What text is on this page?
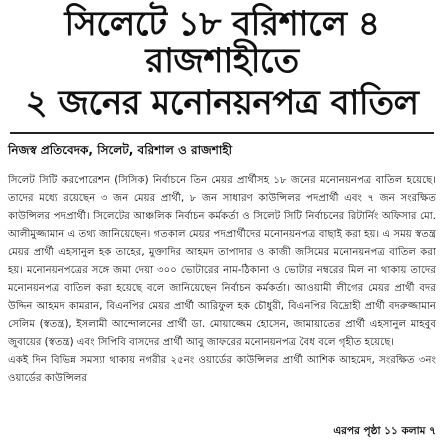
সিলেটে ১৮ বরিশালে ৪ রাজশাহীতে
২ জনের মনোনয়নপত্র বাতিল
নিজস্ব প্রতিবেদক, সিলেট, বরিশাল ও রাজশাহী

সিলেট সিটি করপোরেশন (সিসিক) নির্বাচনে তিন মেয়র প্রার্থীসহ ১৮ জনের মনোনয়নপত্র বাতিল হয়েছে। তাদের মধ্যে রয়েছেন ৩ জন মেয়র প্রার্থী, ৮ জন সাধারণ কাউন্সিলর পদপ্রার্থী এবং ৭ জন সংরক্ষিত কাউন্সিলর পদপ্রার্থী। সিলেটের আঞ্চলিক নির্বাচন কর্মকর্তা ও সিলেট সিটি নির্বাচনের রিটার্নিং অফিসার মো. আলীমুজ্জামান এ তথ্য জানিয়েছেন। গতকাল মেয়র পদপ্রার্থীদের মনোনয়নপত্র বাছাই করা হয়। এ সময় স্বতন্ত্র মেয়র প্রার্থী এহসানুল হক তাহের, মুক্তাদির আহমদ তাপাদার ও কাজী জসিমের মনোনয়নপত্র বাতিল করা হয়। মনোনয়নপত্রের সঙ্গে জমা দেয়া ৩০০ ভোটারের নাম-ঠিকানা ও ভোটার নম্বরের মিল না থাকায় তাদের মনোনয়নপত্র বাতিল করা হয়েছে বলে জানিয়েছেন নির্বাচন কর্মকর্তা। আওয়ামী লীগের মেয়র প্রার্থী বদর উদ্দিন আহমদ কামরান, বিএনপির মেয়র প্রার্থী আরিফুল হক চৌধুরী, বিএনপির বিদ্রোহী প্রার্থী বদরুজ্জামান সেলিম (স্বতন্ত্র), ইসলামী আন্দোলনের প্রার্থী ডা. মোয়াজ্জেম হোসেন, জামায়াতের প্রার্থী এহসানুল মাহবুব জুবায়ের (স্বতন্ত্র) এবং সিপিবি বাসদের প্রার্থী আবু জাফরের মনোনয়নপত্র বৈধ বলে গৃহীত হয়েছে।

একই দিন বিভিন্ন সমস্যা থাকায় নগরীর ২৫নং ওয়ার্ডের কাউন্সিলর প্রার্থী আশিক আহমেদ, সংরক্ষিত ৩নং ওয়ার্ডের কাউন্সিলর

এরপর পৃষ্ঠা ১১ কলাম ৭
